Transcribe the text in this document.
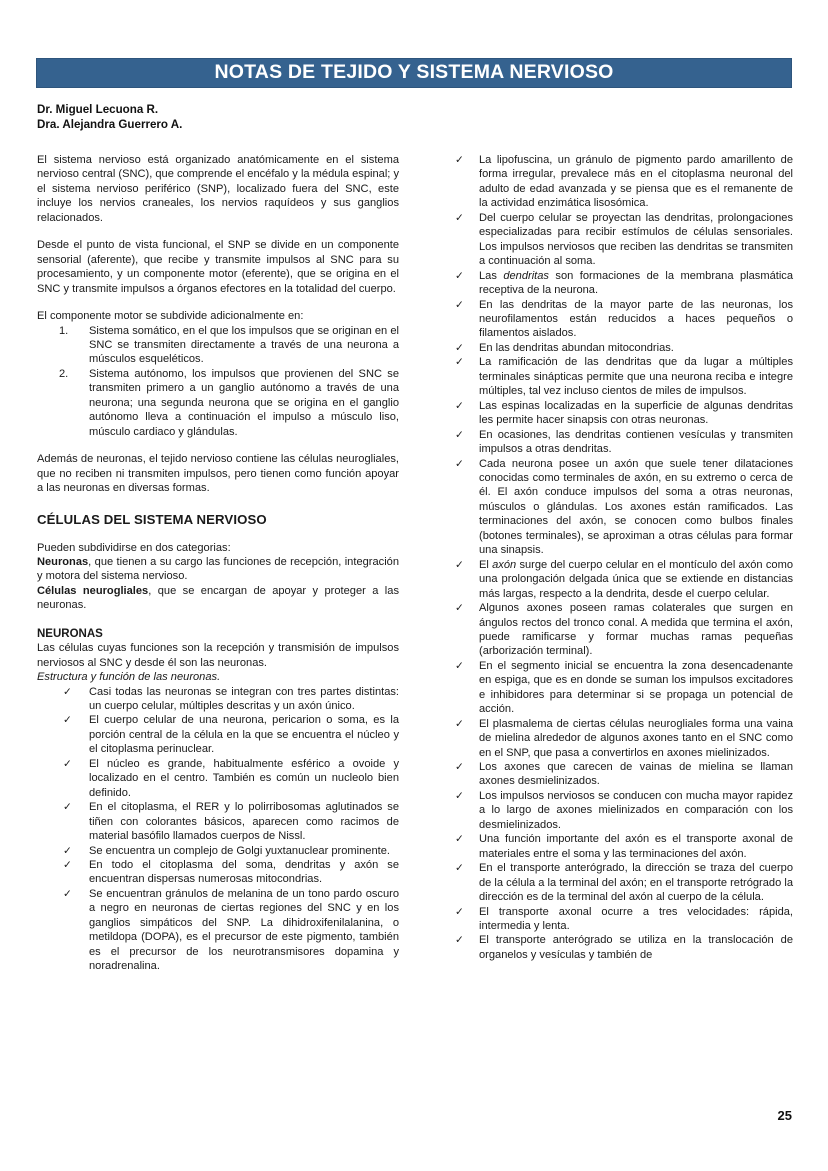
NOTAS DE TEJIDO Y SISTEMA NERVIOSO
Dr. Miguel Lecuona R.
Dra. Alejandra Guerrero A.

El sistema nervioso está organizado anatómicamente en el sistema nervioso central (SNC), que comprende el encéfalo y la médula espinal; y el sistema nervioso periférico (SNP), localizado fuera del SNC, este incluye los nervios craneales, los nervios raquídeos y sus ganglios relacionados.

Desde el punto de vista funcional, el SNP se divide en un componente sensorial (aferente), que recibe y transmite impulsos al SNC para su procesamiento, y un componente motor (eferente), que se origina en el SNC y transmite impulsos a órganos efectores en la totalidad del cuerpo.

El componente motor se subdivide adicionalmente en:

1.	Sistema somático, en el que los impulsos que se originan en el SNC se transmiten directamente a través de una neurona a músculos esqueléticos.
2.	Sistema autónomo, los impulsos que provienen del SNC se transmiten primero a un ganglio autónomo a través de una neurona; una segunda neurona que se origina en el ganglio autónomo lleva a continuación el impulso a músculo liso, músculo cardiaco y glándulas.

Además de neuronas, el tejido nervioso contiene las células neurogliales, que no reciben ni transmiten impulsos, pero tienen como función apoyar a las neuronas en diversas formas.

CÉLULAS DEL SISTEMA NERVIOSO

Pueden subdividirse en dos categorias:

Neuronas, que tienen a su cargo las funciones de recepción, integración y motora del sistema nervioso.

Células neurogliales, que se encargan de apoyar y proteger a las neuronas.

NEURONAS

Las células cuyas funciones son la recepción y transmisión de impulsos nerviosos al SNC y desde él son las neuronas.

Estructura y función de las neuronas.

✓	Casi todas las neuronas se integran con tres partes distintas: un cuerpo celular, múltiples descritas y un axón único.
✓	El cuerpo celular de una neurona, pericarion o soma, es la porción central de la célula en la que se encuentra el núcleo y el citoplasma perinuclear.
✓	El núcleo es grande, habitualmente esférico a ovoide y localizado en el centro. También es común un nucleolo bien definido.
✓	En el citoplasma, el RER y lo polirribosomas aglutinados se tiñen con colorantes básicos, aparecen como racimos de material basófilo llamados cuerpos de Nissl.
✓	Se encuentra un complejo de Golgi yuxtanuclear prominente.
✓	En todo el citoplasma del soma, dendritas y axón se encuentran dispersas numerosas mitocondrias.
✓	Se encuentran gránulos de melanina de un tono pardo oscuro a negro en neuronas de ciertas regiones del SNC y en los ganglios simpáticos del SNP. La dihidroxifenilalanina, o metildopa (DOPA), es el precursor de este pigmento, también es el precursor de los neurotransmisores dopamina y noradrenalina.
✓	La lipofuscina, un gránulo de pigmento pardo amarillento de forma irregular, prevalece más en el citoplasma neuronal del adulto de edad avanzada y se piensa que es el remanente de la actividad enzimática lisosómica.
✓	Del cuerpo celular se proyectan las dendritas, prolongaciones especializadas para recibir estímulos de células sensoriales. Los impulsos nerviosos que reciben las dendritas se transmiten a continuación al soma.
✓	Las dendritas son formaciones de la membrana plasmática receptiva de la neurona.
✓	En las dendritas de la mayor parte de las neuronas, los neurofilamentos están reducidos a haces pequeños o filamentos aislados.
✓	En las dendritas abundan mitocondrias.
✓	La ramificación de las dendritas que da lugar a múltiples terminales sinápticas permite que una neurona reciba e integre múltiples, tal vez incluso cientos de miles de impulsos.
✓	Las espinas localizadas en la superficie de algunas dendritas les permite hacer sinapsis con otras neuronas.
✓	En ocasiones, las dendritas contienen vesículas y transmiten impulsos a otras dendritas.
✓	Cada neurona posee un axón que suele tener dilataciones conocidas como terminales de axón, en su extremo o cerca de él. El axón conduce impulsos del soma a otras neuronas, músculos o glándulas. Los axones están ramificados. Las terminaciones del axón, se conocen como bulbos finales (botones terminales), se aproximan a otras células para formar una sinapsis.
✓	El axón surge del cuerpo celular en el montículo del axón como una prolongación delgada única que se extiende en distancias más largas, respecto a la dendrita, desde el cuerpo celular.
✓	Algunos axones poseen ramas colaterales que surgen en ángulos rectos del tronco conal. A medida que termina el axón, puede ramificarse y formar muchas ramas pequeñas (arborización terminal).
✓	En el segmento inicial se encuentra la zona desencadenante en espiga, que es en donde se suman los impulsos excitadores e inhibidores para determinar si se propaga un potencial de acción.
✓	El plasmalema de ciertas células neurogliales forma una vaina de mielina alrededor de algunos axones tanto en el SNC como en el SNP, que pasa a convertirlos en axones mielinizados.
✓	Los axones que carecen de vainas de mielina se llaman axones desmielinizados.
✓	Los impulsos nerviosos se conducen con mucha mayor rapidez a lo largo de axones mielinizados en comparación con los desmielinizados.
✓	Una función importante del axón es el transporte axonal de materiales entre el soma y las terminaciones del axón.
✓	En el transporte anterógrado, la dirección se traza del cuerpo de la célula a la terminal del axón; en el transporte retrógrado la dirección es de la terminal del axón al cuerpo de la célula.
✓	El transporte axonal ocurre a tres velocidades: rápida, intermedia y lenta.
✓	El transporte anterógrado se utiliza en la translocación de organelos y vesículas y también de
25
